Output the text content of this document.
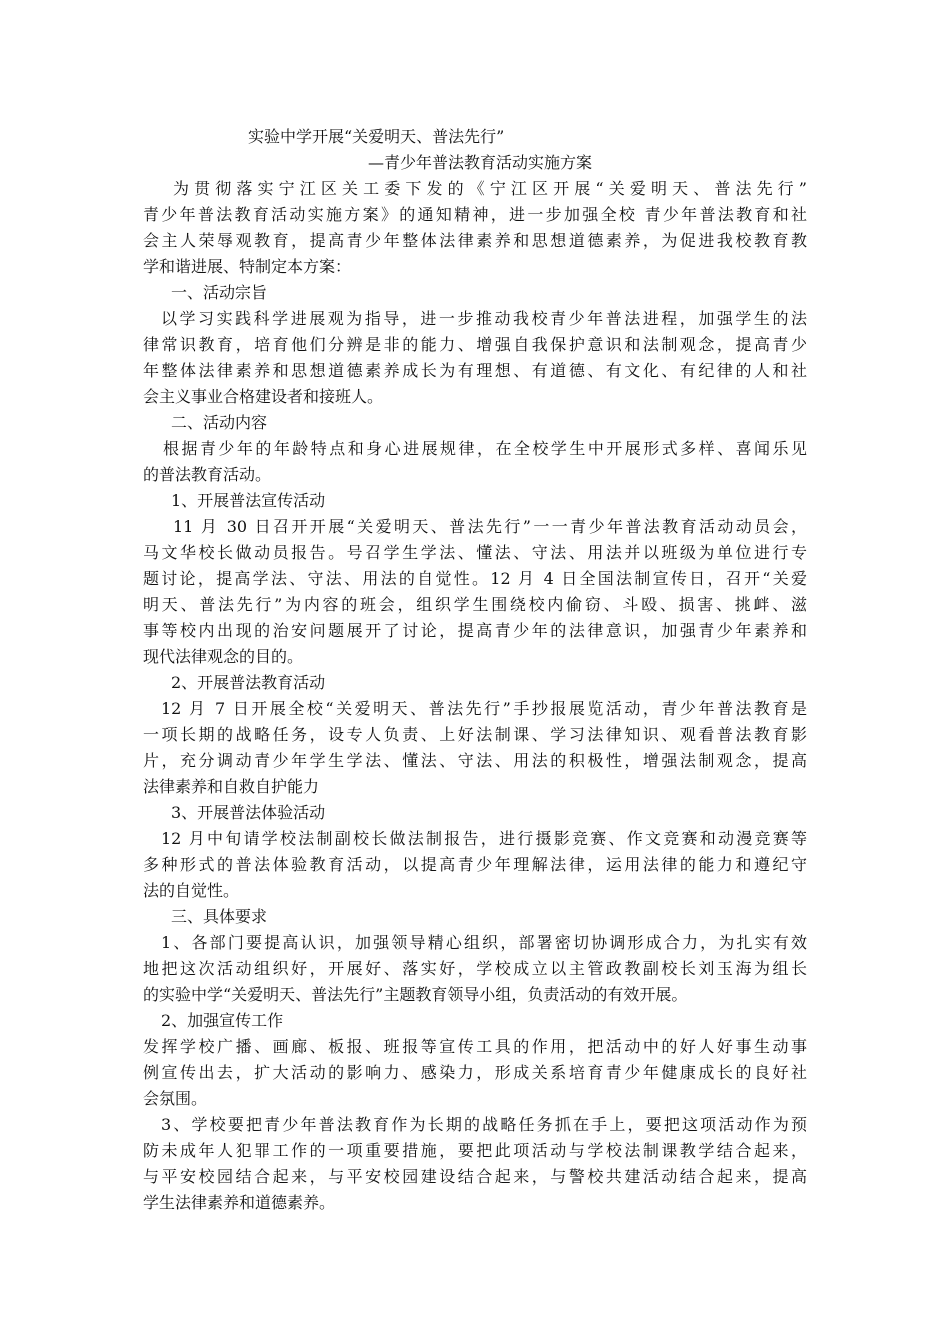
实验中学开展“关爱明天、普法先行”
—青少年普法教育活动实施方案
为贯彻落实宁江区关工委下发的《宁江区开展“关爱明天、普法先行”
青少年普法教育活动实施方案》的通知精神，进一步加强全校 青少年普法教育和社
会主人荣辱观教育，提高青少年整体法律素养和思想道德素养，为促进我校教育教
学和谐进展、特制定本方案：
一、活动宗旨
以学习实践科学进展观为指导，进一步推动我校青少年普法进程，加强学生的法
律常识教育，培育他们分辨是非的能力、增强自我保护意识和法制观念，提高青少
年整体法律素养和思想道德素养成长为有理想、有道德、有文化、有纪律的人和社
会主义事业合格建设者和接班人。
二、活动内容
根据青少年的年龄特点和身心进展规律，在全校学生中开展形式多样、喜闻乐见
的普法教育活动。
1、开展普法宣传活动
11 月 30 日召开开展“关爱明天、普法先行”一一青少年普法教育活动动员会，
马文华校长做动员报告。号召学生学法、懂法、守法、用法并以班级为单位进行专
题讨论，提高学法、守法、用法的自觉性。12 月 4 日全国法制宣传日，召开“关爱
明天、普法先行”为内容的班会，组织学生围绕校内偷窃、斗殴、损害、挑衅、滋
事等校内出现的治安问题展开了讨论，提高青少年的法律意识，加强青少年素养和
现代法律观念的目的。
2、开展普法教育活动
12 月 7 日开展全校“关爱明天、普法先行”手抄报展览活动，青少年普法教育是
一项长期的战略任务，设专人负责、上好法制课、学习法律知识、观看普法教育影
片，充分调动青少年学生学法、懂法、守法、用法的积极性，增强法制观念，提高
法律素养和自救自护能力
3、开展普法体验活动
12 月中旬请学校法制副校长做法制报告，进行摄影竞赛、作文竞赛和动漫竞赛等
多种形式的普法体验教育活动，以提高青少年理解法律，运用法律的能力和遵纪守
法的自觉性。
三、具体要求
1、各部门要提高认识，加强领导精心组织，部署密切协调形成合力，为扎实有效
地把这次活动组织好，开展好、落实好，学校成立以主管政教副校长刘玉海为组长
的实验中学“关爱明天、普法先行”主题教育领导小组，负责活动的有效开展。
2、加强宣传工作
发挥学校广播、画廊、板报、班报等宣传工具的作用，把活动中的好人好事生动事
例宣传出去，扩大活动的影响力、感染力，形成关系培育青少年健康成长的良好社
会氛围。
3、学校要把青少年普法教育作为长期的战略任务抓在手上，要把这项活动作为预
防未成年人犯罪工作的一项重要措施，要把此项活动与学校法制课教学结合起来，
与平安校园结合起来，与平安校园建设结合起来，与警校共建活动结合起来，提高
学生法律素养和道德素养。
